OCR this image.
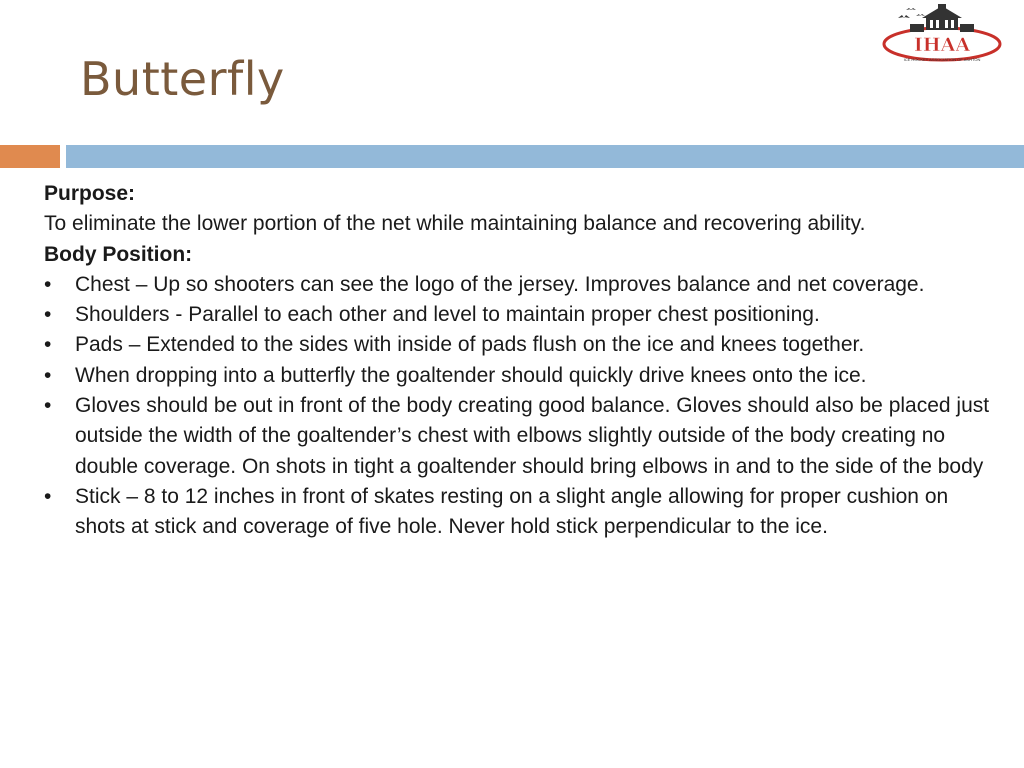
Butterfly
IHAA
ICE HOCKEY ASSOCIATION OF ASHTON

Purpose:

To eliminate the lower portion of the net while maintaining balance and recovering ability.

Body Position:

•	Chest – Up so shooters can see the logo of the jersey. Improves balance and net coverage.
•	Shoulders - Parallel to each other and level to maintain proper chest positioning.
•	Pads – Extended to the sides with inside of pads flush on the ice and knees together.
•	When dropping into a butterfly the goaltender should quickly drive knees onto the ice.
•	Gloves should be out in front of the body creating good balance. Gloves should also be placed just outside the width of the goaltender’s chest with elbows slightly outside of the body creating no double coverage. On shots in tight a goaltender should bring elbows in and to the side of the body
•	Stick – 8 to 12 inches in front of skates resting on a slight angle allowing for proper cushion on shots at stick and coverage of five hole. Never hold stick perpendicular to the ice.
